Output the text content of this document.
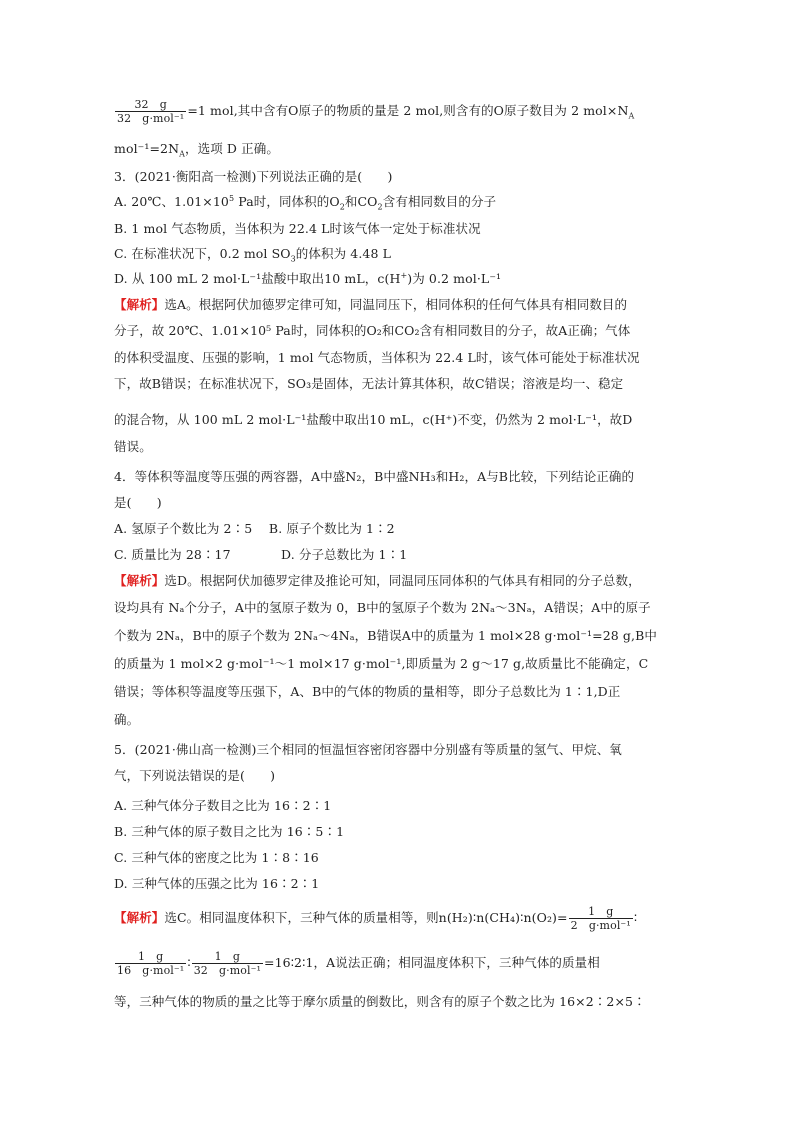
$\frac{32 g}{\text{32　g·mol⁻¹}} =1$ mol,其中含有O原子的物质的量是 2 mol,则含有的O原子数目为 2 $mol\times N_A$
$mol^{-1}=2N_A$，选项 D 正确。
3．(2021·衡阳高一检测)下列说法正确的是(　　)
A. 20℃、$1.01\times 10^5$ Pa时，同体积的$O_2$和$CO_2$含有相同数目的分子
B. 1 mol 气态物质，当体积为 22.4 L时该气体一定处于标准状况
C. 在标准状况下，0.2 mol $SO_3$的体积为 4.48 L
D. 从 100 mL 2 mol·L⁻¹盐酸中取出10 mL，c(H+)为 0.2 mol·L⁻¹
【解析】选A。根据阿伏加德罗定律可知，同温同压下，相同体积的任何气体具有相同数目的
分子，故 20℃、1.01×10⁵ Pa时，同体积的O₂和CO₂含有相同数目的分子，故A正确；气体
的体积受温度、压强的影响，1 mol 气态物质，当体积为 22.4 L时，该气体可能处于标准状况
下，故B错误；在标准状况下，SO₃是固体，无法计算其体积，故C错误；溶液是均一、稳定
的混合物，从 100 mL 2 mol·L⁻¹盐酸中取出10 mL，c(H⁺)不变，仍然为 2 mol·L⁻¹，故D
错误。
4．等体积等温度等压强的两容器，A中盛N₂，B中盛NH₃和H₂，A与B比较，下列结论正确的
是(　　)
A. 氢原子个数比为 2∶5　 B. 原子个数比为 1∶2
C. 质量比为 28∶17　　　　D. 分子总数比为 1∶1
【解析】选D。根据阿伏加德罗定律及推论可知，同温同压同体积的气体具有相同的分子总数，
设均具有 Nₐ个分子，A中的氢原子数为 0，B中的氢原子个数为 2Nₐ～3Nₐ，A错误；A中的原子
个数为 2Nₐ，B中的原子个数为 2Nₐ～4Nₐ，B错误A中的质量为 1 mol×28 g·mol⁻¹=28 g,B中
的质量为 1 mol×2 g·mol⁻¹～1 mol×17 g·mol⁻¹,即质量为 2 g～17 g,故质量比不能确定，C
错误；等体积等温度等压强下，A、B中的气体的物质的量相等，即分子总数比为 1∶1,D正
确。
5．(2021·佛山高一检测)三个相同的恒温恒容密闭容器中分别盛有等质量的氢气、甲烷、氧
气，下列说法错误的是(　　)
A. 三种气体分子数目之比为 16∶2∶1
B. 三种气体的原子数目之比为 16∶5∶1
C. 三种气体的密度之比为 1∶8∶16
D. 三种气体的压强之比为 16∶2∶1
【解析】选C。相同温度体积下，三种气体的质量相等，则n(H₂)∶n(CH₄)∶n(O₂)= $\frac{1 g}{\text{2　g·mol⁻¹}}$ ∶
$\frac{1 g}{\text{16　g·mol⁻¹}}$ ∶ $\frac{1 g}{\text{32　g·mol⁻¹}}$ =16∶2∶1，A说法正确；相同温度体积下，三种气体的质量相
等，三种气体的物质的量之比等于摩尔质量的倒数比，则含有的原子个数之比为 16×2∶2×5∶
